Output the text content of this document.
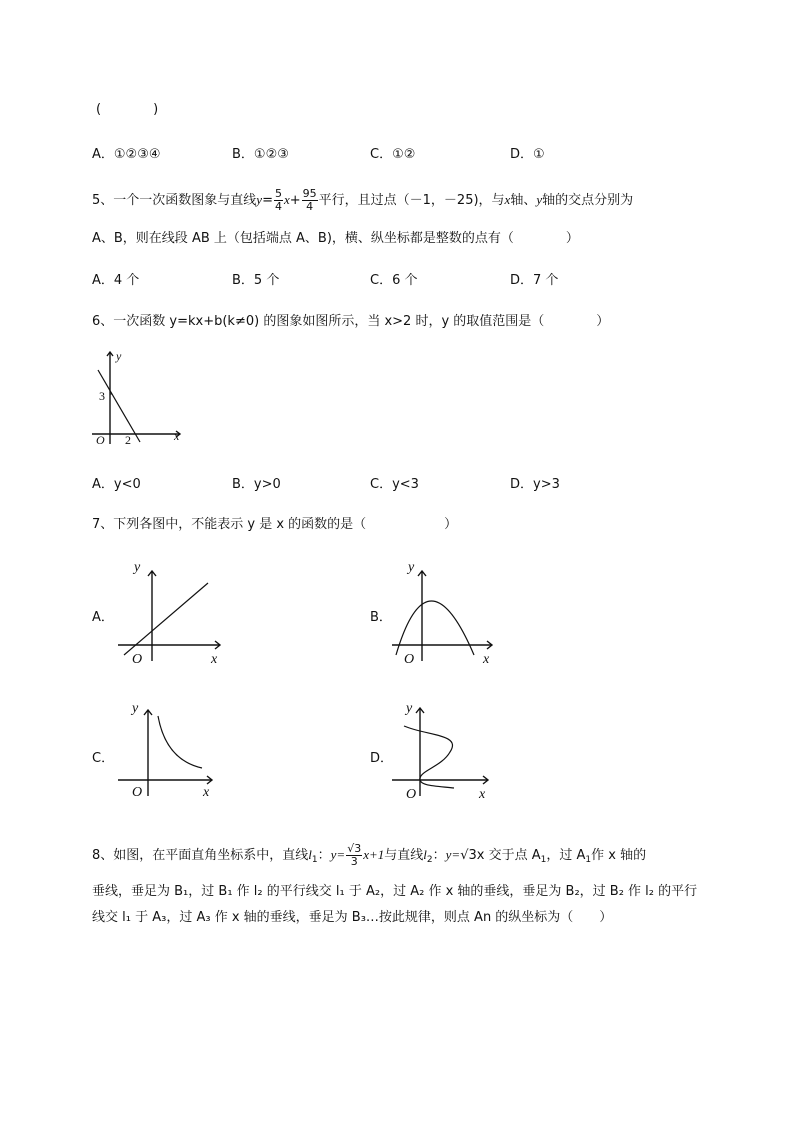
(　　　　)
A．①②③④	B．①②③	C．①②	D．①
5、一个一次函数图象与直线$y= \frac{5}{4} x+ \frac{95}{4}$ 平行，且过点（－1，－25)，与x轴、y轴的交点分别为
A、B，则在线段 AB 上（包括端点 A、B)，横、纵坐标都是整数的点有（　　　　）
A．4 个	B．5 个	C．6 个	D．7 个
6、一次函数 y=kx+b(k≠0) 的图象如图所示，当 x>2 时，y 的取值范围是（　　　　）
y
x
O
3
2
A．y<0	B．y>0	C．y<3	D．y>3
7、下列各图中，不能表示 y 是 x 的函数的是（　　　　　　）
A．
y
x
O
B．
y
x
O
C．
y
x
O
D．
y
x
O
8、如图，在平面直角坐标系中，直线$l_1$：$y= \frac{√3}{3} x+1$与直线$l_2$：y=√3x 交于点 $A_1$，过 $A_1$作 x 轴的
垂线，垂足为 B₁，过 B₁ 作 l₂ 的平行线交 l₁ 于 A₂，过 A₂ 作 x 轴的垂线，垂足为 B₂，过 B₂ 作 l₂ 的平行
线交 l₁ 于 A₃，过 A₃ 作 x 轴的垂线，垂足为 B₃…按此规律，则点 An 的纵坐标为（　　）
